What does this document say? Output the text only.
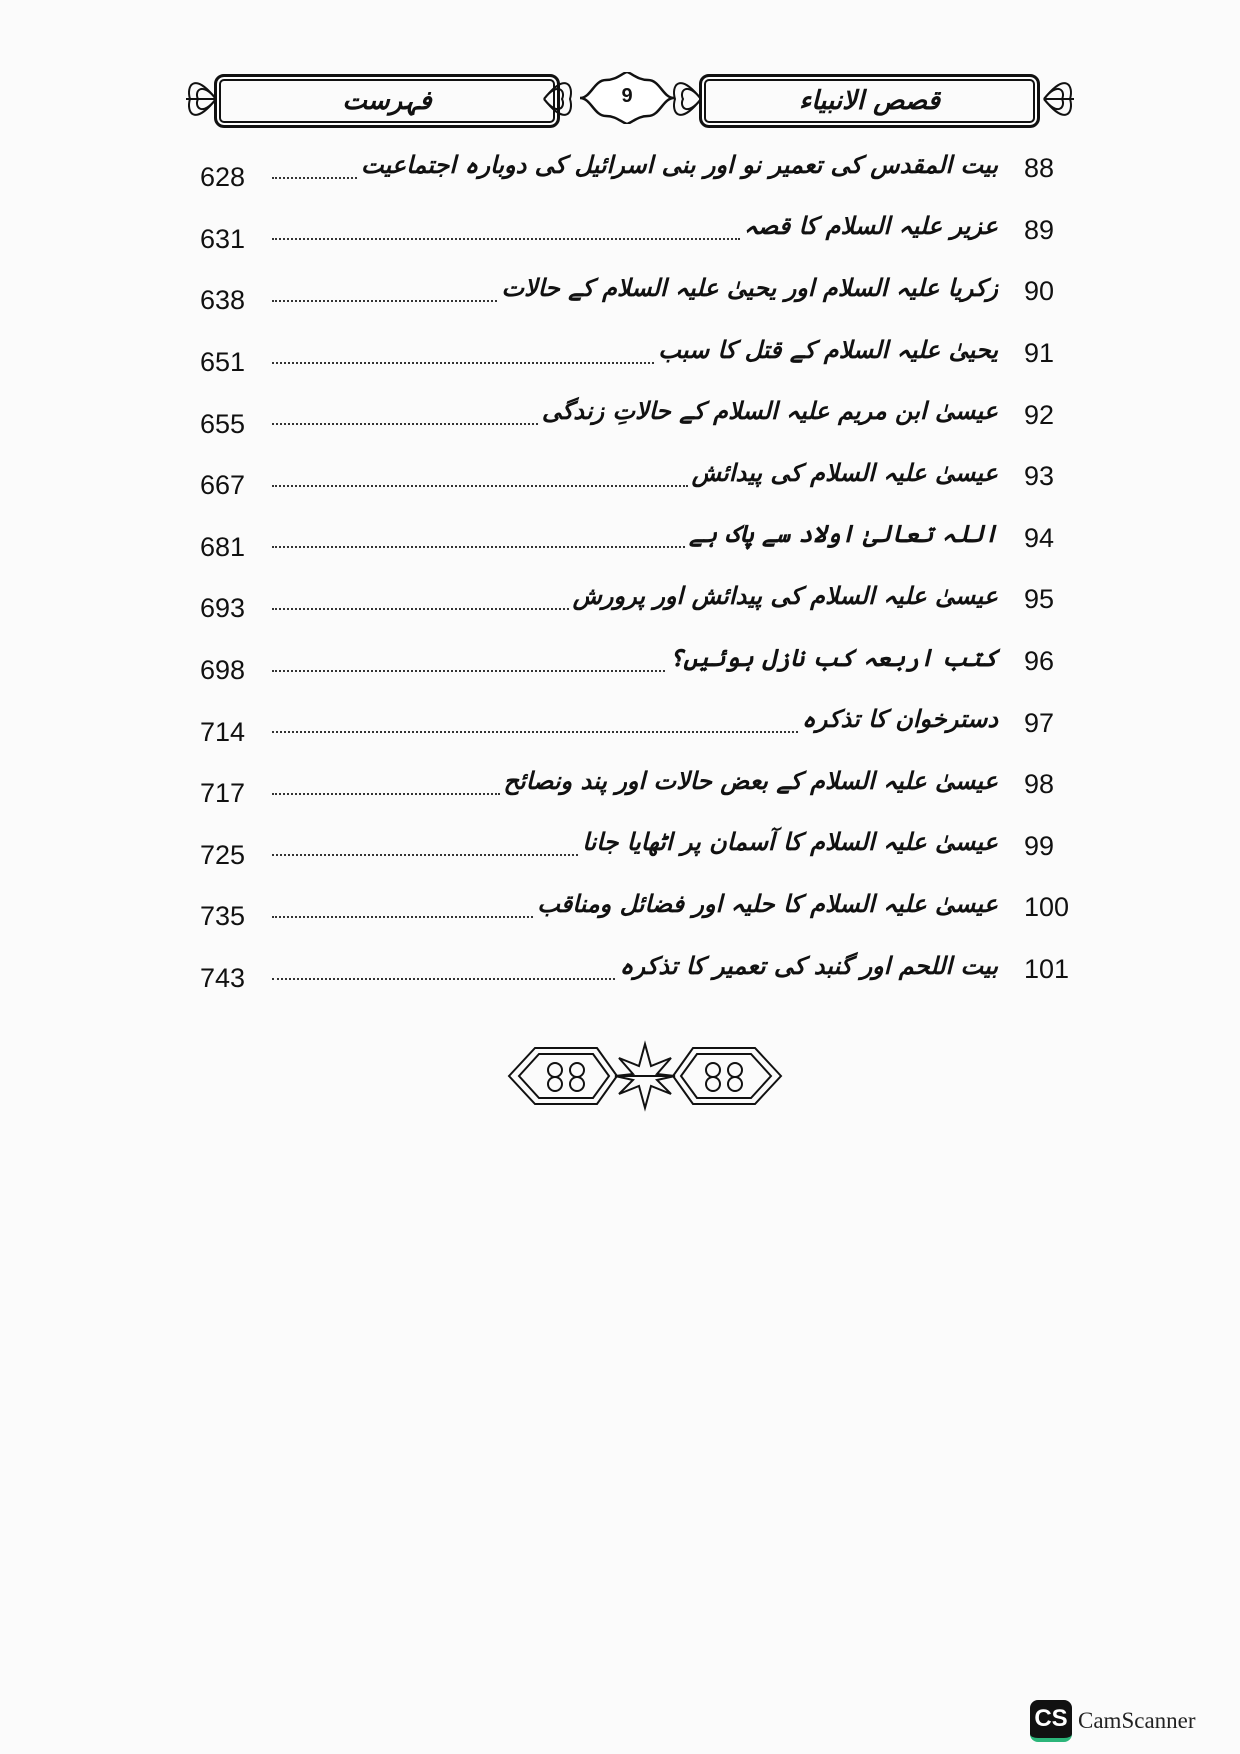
فہرست	9	قصص الانبیاء
88
بیت المقدس کی تعمیر نو اور بنی اسرائیل کی دوبارہ اجتماعیت
628
89
عزیر علیہ السلام کا قصہ
631
90
زکریا علیہ السلام اور یحییٰ علیہ السلام کے حالات
638
91
یحییٰ علیہ السلام کے قتل کا سبب
651
92
عیسیٰ ابن مریم علیہ السلام کے حالاتِ زندگی
655
93
عیسیٰ علیہ السلام کی پیدائش
667
94
اللہ تعالیٰ اولاد سے پاک ہے
681
95
عیسیٰ علیہ السلام کی پیدائش اور پرورش
693
96
کتب اربعہ کب نازل ہوئیں؟
698
97
دسترخوان کا تذکرہ
714
98
عیسیٰ علیہ السلام کے بعض حالات اور پند ونصائح
717
99
عیسیٰ علیہ السلام کا آسمان پر اٹھایا جانا
725
100
عیسیٰ علیہ السلام کا حلیہ اور فضائل ومناقب
735
101
بیت اللحم اور گنبد کی تعمیر کا تذکرہ
743
CS CamScanner
